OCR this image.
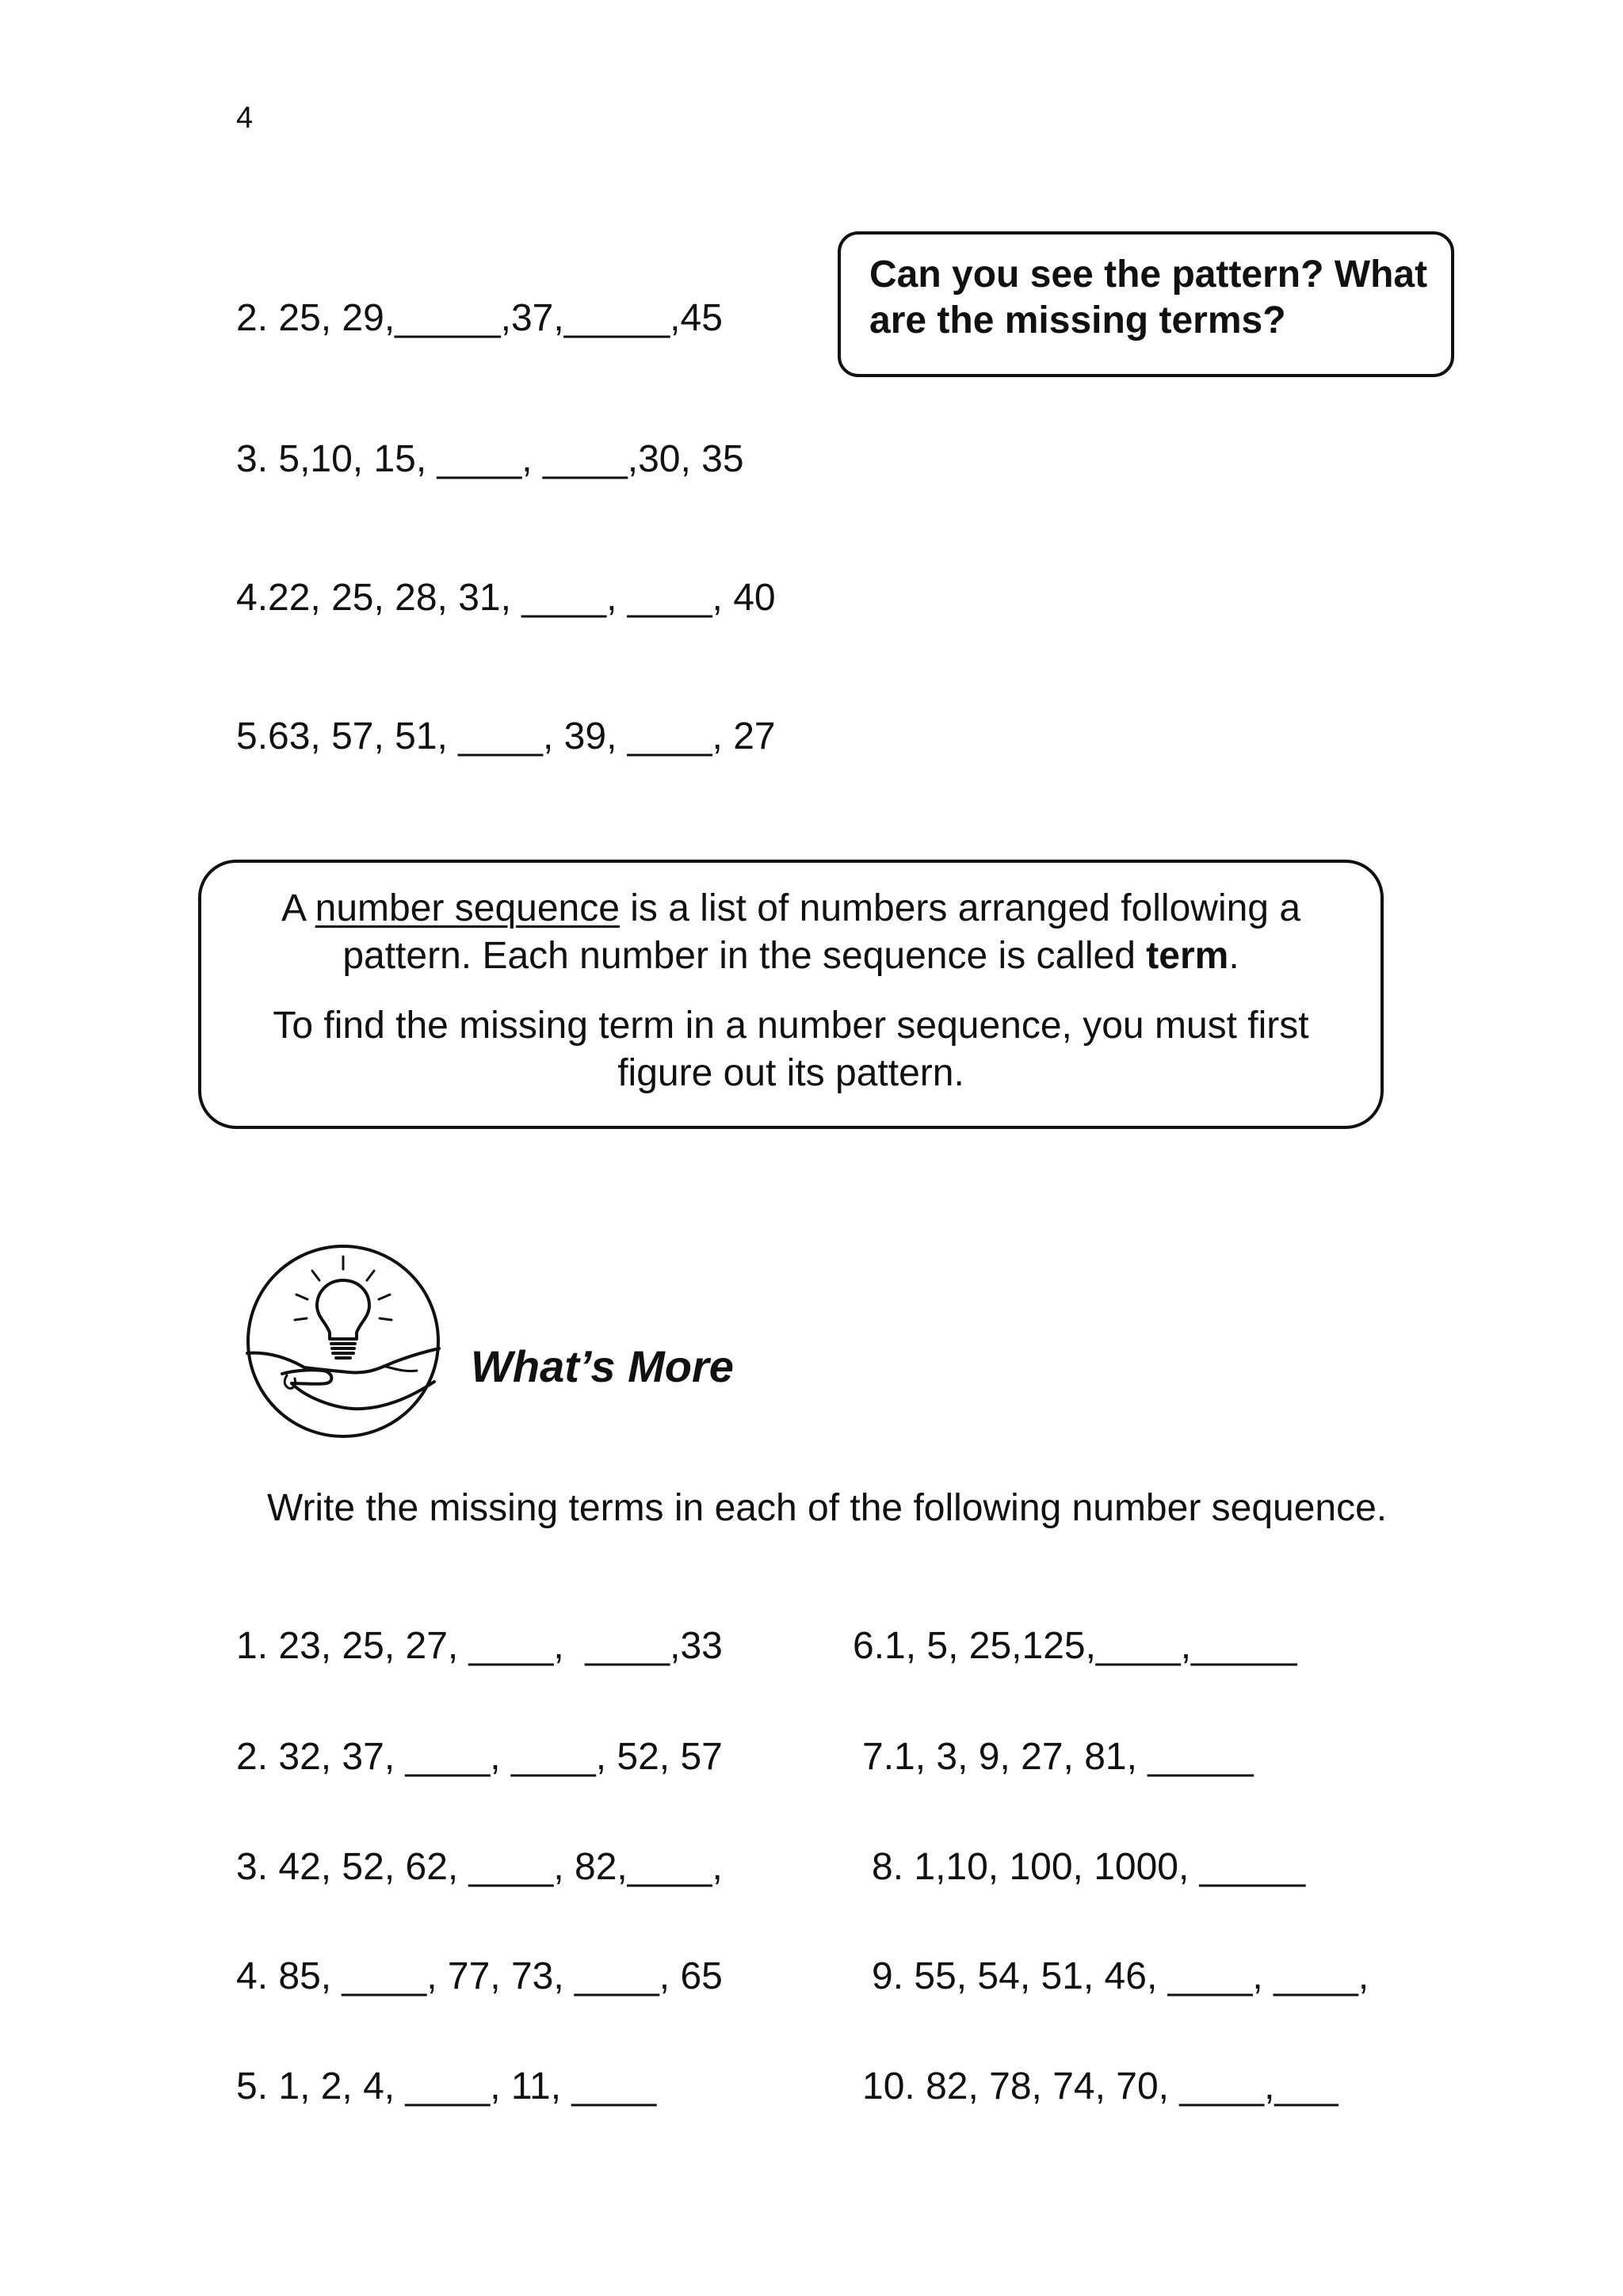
4
2. 25, 29,_____,37,_____,45
3. 5,10, 15, ____, ____,30, 35
4.22, 25, 28, 31, ____, ____, 40
5.63, 57, 51, ____, 39, ____, 27
Can you see the pattern? What
are the missing terms?

A number sequence is a list of numbers arranged following a
pattern. Each number in the sequence is called term.

To find the missing term in a number sequence, you must first
figure out its pattern.

What’s More
Write the missing terms in each of the following number sequence.
1. 23, 25, 27, ____,  ____,33
2. 32, 37, ____, ____, 52, 57
3. 42, 52, 62, ____, 82,____,
4. 85, ____, 77, 73, ____, 65
5. 1, 2, 4, ____, 11, ____
6.1, 5, 25,125,____,_____
7.1, 3, 9, 27, 81, _____
8. 1,10, 100, 1000, _____
9. 55, 54, 51, 46, ____, ____,
10. 82, 78, 74, 70, ____,___
